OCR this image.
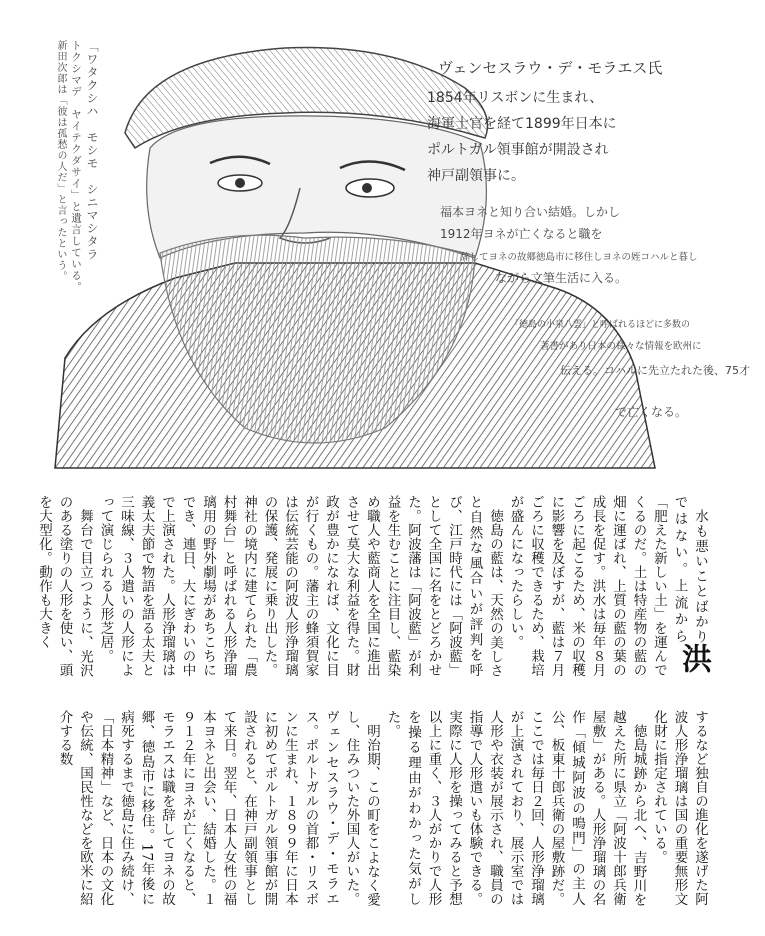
ヴェンセスラウ・デ・モラエス氏
1854年リスボンに生まれ、
海軍士官を経て1899年日本に
ポルトガル領事館が開設され
神戸副領事に。
福本ヨネと知り合い結婚。しかし
1912年ヨネが亡くなると職を
辞してヨネの故郷徳島市に移住しヨネの姪コハルと暮し
ながら文筆生活に入る。
「徳島の小泉八雲」と呼ばれるほどに多数の
著書があり日本の様々な情報を欧州に
伝える。コハルに先立たれた後、75才
で亡くなる。
「ワタクシハ　モシモ　シニマシタラ
トクシマデ　ヤイテクダサイ」と遺言している。
新田次郎は「彼は孤愁の人だ」と言ったという。
洪

水も悪いことばかりではない。上流から「肥えた新しい土」を運んでくるのだ。土は特産物の藍の畑に運ばれ、上質の藍の葉の成長を促す。洪水は毎年８月ごろに起こるため、米の収穫に影響を及ぼすが、藍は７月ごろに収穫できるため、栽培が盛んになったらしい。

徳島の藍は、天然の美しさと自然な風合いが評判を呼び、江戸時代には「阿波藍」として全国に名をとどろかせた。阿波藩は「阿波藍」が利益を生むことに注目し、藍染め職人や藍商人を全国に進出させて莫大な利益を得た。財政が豊かになれば、文化に目が行くもの。藩主の蜂須賀家は伝統芸能の阿波人形浄瑠璃の保護、発展に乗り出した。神社の境内に建てられた「農村舞台」と呼ばれる人形浄瑠璃用の野外劇場があちこちにでき、連日、大にぎわいの中で上演された。人形浄瑠璃は義太夫節で物語を語る太夫と三味線、３人遣いの人形によって演じられる人形芝居。

舞台で目立つように、光沢のある塗りの人形を使い、頭を大型化。動作も大きく

するなど独自の進化を遂げた阿波人形浄瑠璃は国の重要無形文化財に指定されている。

徳島城跡から北へ、吉野川を越えた所に県立「阿波十郎兵衛屋敷」がある。人形浄瑠璃の名作「傾城阿波の鳴門」の主人公、板東十郎兵衛の屋敷跡だ。ここでは毎日２回、人形浄瑠璃が上演されており、展示室では人形や衣装が展示され、職員の指導で人形遣いも体験できる。実際に人形を操ってみると予想以上に重く、３人がかりで人形を操る理由がわかった気がした。

明治期、この町をこよなく愛し、住みついた外国人がいた。ヴェンセスラウ・デ・モラエス。ポルトガルの首都・リスボンに生まれ、１８９９年に日本に初めてポルトガル領事館が開設されると、在神戸副領事として来日。翌年、日本人女性の福本ヨネと出会い、結婚した。１９１２年にヨネが亡くなると、モラエスは職を辞してヨネの故郷、徳島市に移住。17年後に病死するまで徳島に住み続け、「日本精神」など、日本の文化や伝統、国民性などを欧米に紹介する数
